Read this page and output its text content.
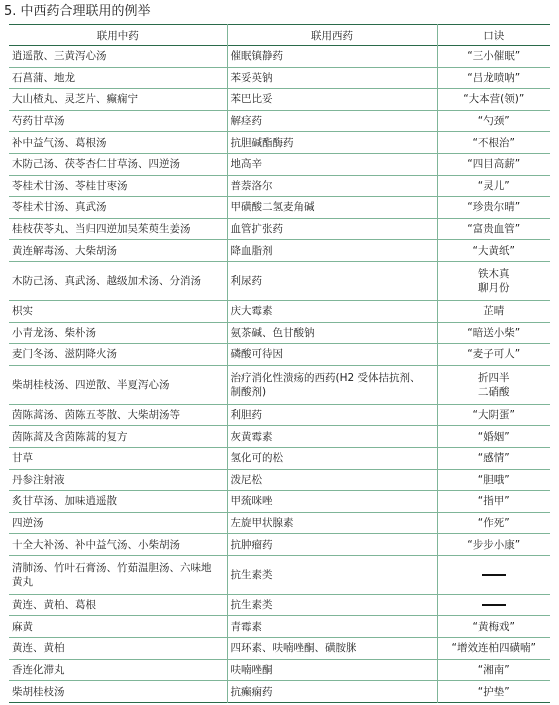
5. 中西药合理联用的例举
联用中药	联用西药	口诀

逍遥散、三黄泻心汤	催眠镇静药	“三小催眠”

石菖蒲、地龙	苯妥英钠	“吕龙喷呐”

大山楂丸、灵芝片、癫痫宁	苯巴比妥	“大本营(领)”

芍药甘草汤	解痉药	“勺颈”

补中益气汤、葛根汤	抗胆碱酯酶药	“不根治”

木防己汤、茯苓杏仁甘草汤、四逆汤	地高辛	“四目高薪”

苓桂术甘汤、苓桂甘枣汤	普萘洛尔	“灵儿”

苓桂术甘汤、真武汤	甲磺酸二氢麦角碱	“珍贵尔晴”

桂枝茯苓丸、当归四逆加吴茱萸生姜汤	血管扩张药	“富贵血管”

黄连解毒汤、大柴胡汤	降血脂剂	“大黄纸”

木防己汤、真武汤、越级加术汤、分消汤	利尿药	铁木真
聊月份

枳实	庆大霉素	芷晴

小青龙汤、柴朴汤	氨茶碱、色甘酸钠	“暗送小柴”

麦门冬汤、滋阴降火汤	磷酸可待因	“麦子可人”

柴胡桂枝汤、四逆散、半夏泻心汤	治疗消化性溃疡的西药(H2 受体拮抗剂、
制酸剂)	折四半
二硝酸

茵陈蒿汤、茵陈五苓散、大柴胡汤等	利胆药	“大阴蛋”

茵陈蒿及含茵陈蒿的复方	灰黄霉素	“婚姻”

甘草	氢化可的松	“感情”

丹参注射液	泼尼松	“胆哦”

炙甘草汤、加味逍遥散	甲巯咪唑	“指甲”

四逆汤	左旋甲状腺素	“作死”

十全大补汤、补中益气汤、小柴胡汤	抗肿瘤药	“步步小康”

清肺汤、竹叶石膏汤、竹茹温胆汤、六味地
黄丸	抗生素类	

黄连、黄柏、葛根	抗生素类	

麻黄	青霉素	“黄梅戏”

黄连、黄柏	四环素、呋喃唑酮、磺胺脒	“增效连柏四磺喃”

香连化滞丸	呋喃唑酮	“湘南”

柴胡桂枝汤	抗癫痫药	“护垫”
